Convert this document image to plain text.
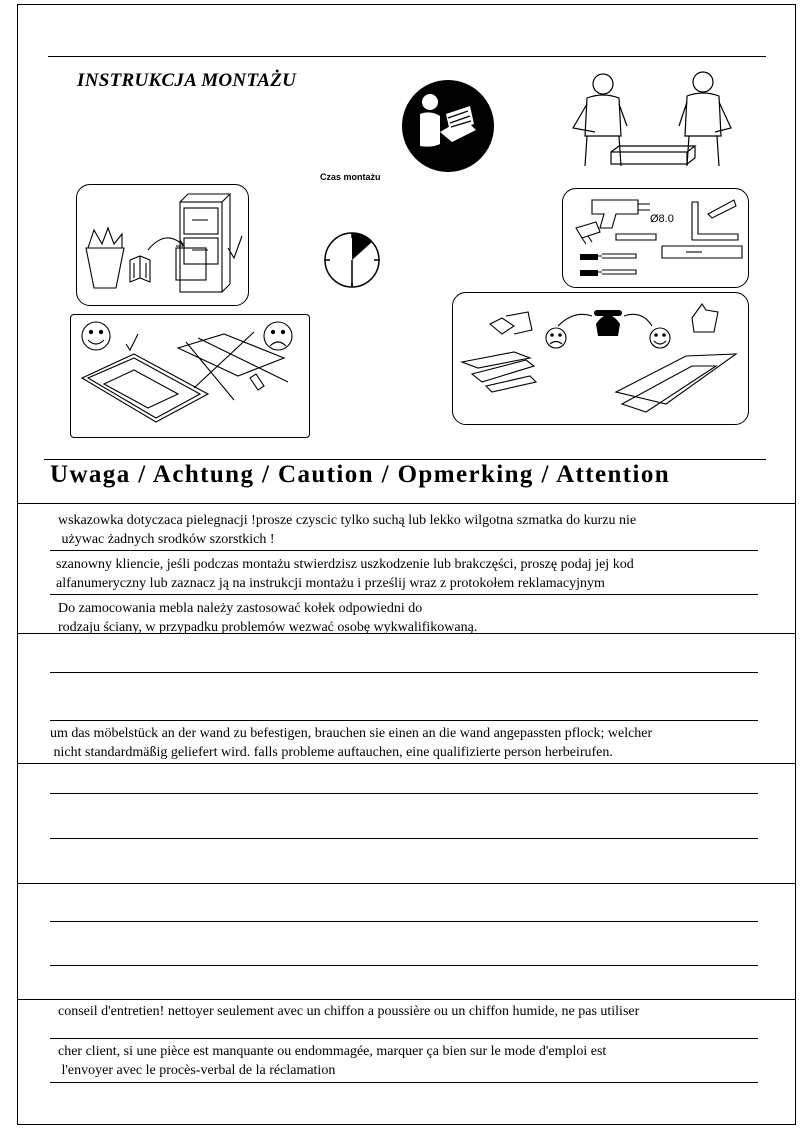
INSTRUKCJA MONTAŻU
Czas montażu
Ø8.0
Uwaga / Achtung / Caution / Opmerking / Attention
wskazowka dotyczaca pielegnacji !prosze czyscic tylko suchą lub lekko wilgotna szmatka do kurzu nie
używac żadnych srodków szorstkich !
szanowny kliencie, jeśli podczas montażu stwierdzisz uszkodzenie lub brakczęści, proszę podaj jej kod
alfanumeryczny lub zaznacz ją na instrukcji montażu i prześlij wraz z protokołem reklamacyjnym
Do zamocowania mebla należy zastosować kołek odpowiedni do
rodzaju ściany, w przypadku problemów wezwać osobę wykwalifikowaną.
um das möbelstück an der wand zu befestigen, brauchen sie einen an die wand angepassten pflock; welcher
nicht standardmäßig geliefert wird. falls probleme auftauchen, eine qualifizierte person herbeirufen.
conseil d'entretien! nettoyer seulement avec un chiffon a poussière ou un chiffon humide, ne pas utiliser
cher client, si une pièce est manquante ou endommagée, marquer ça bien sur le mode d'emploi est
l'envoyer avec le procès-verbal de la réclamation
